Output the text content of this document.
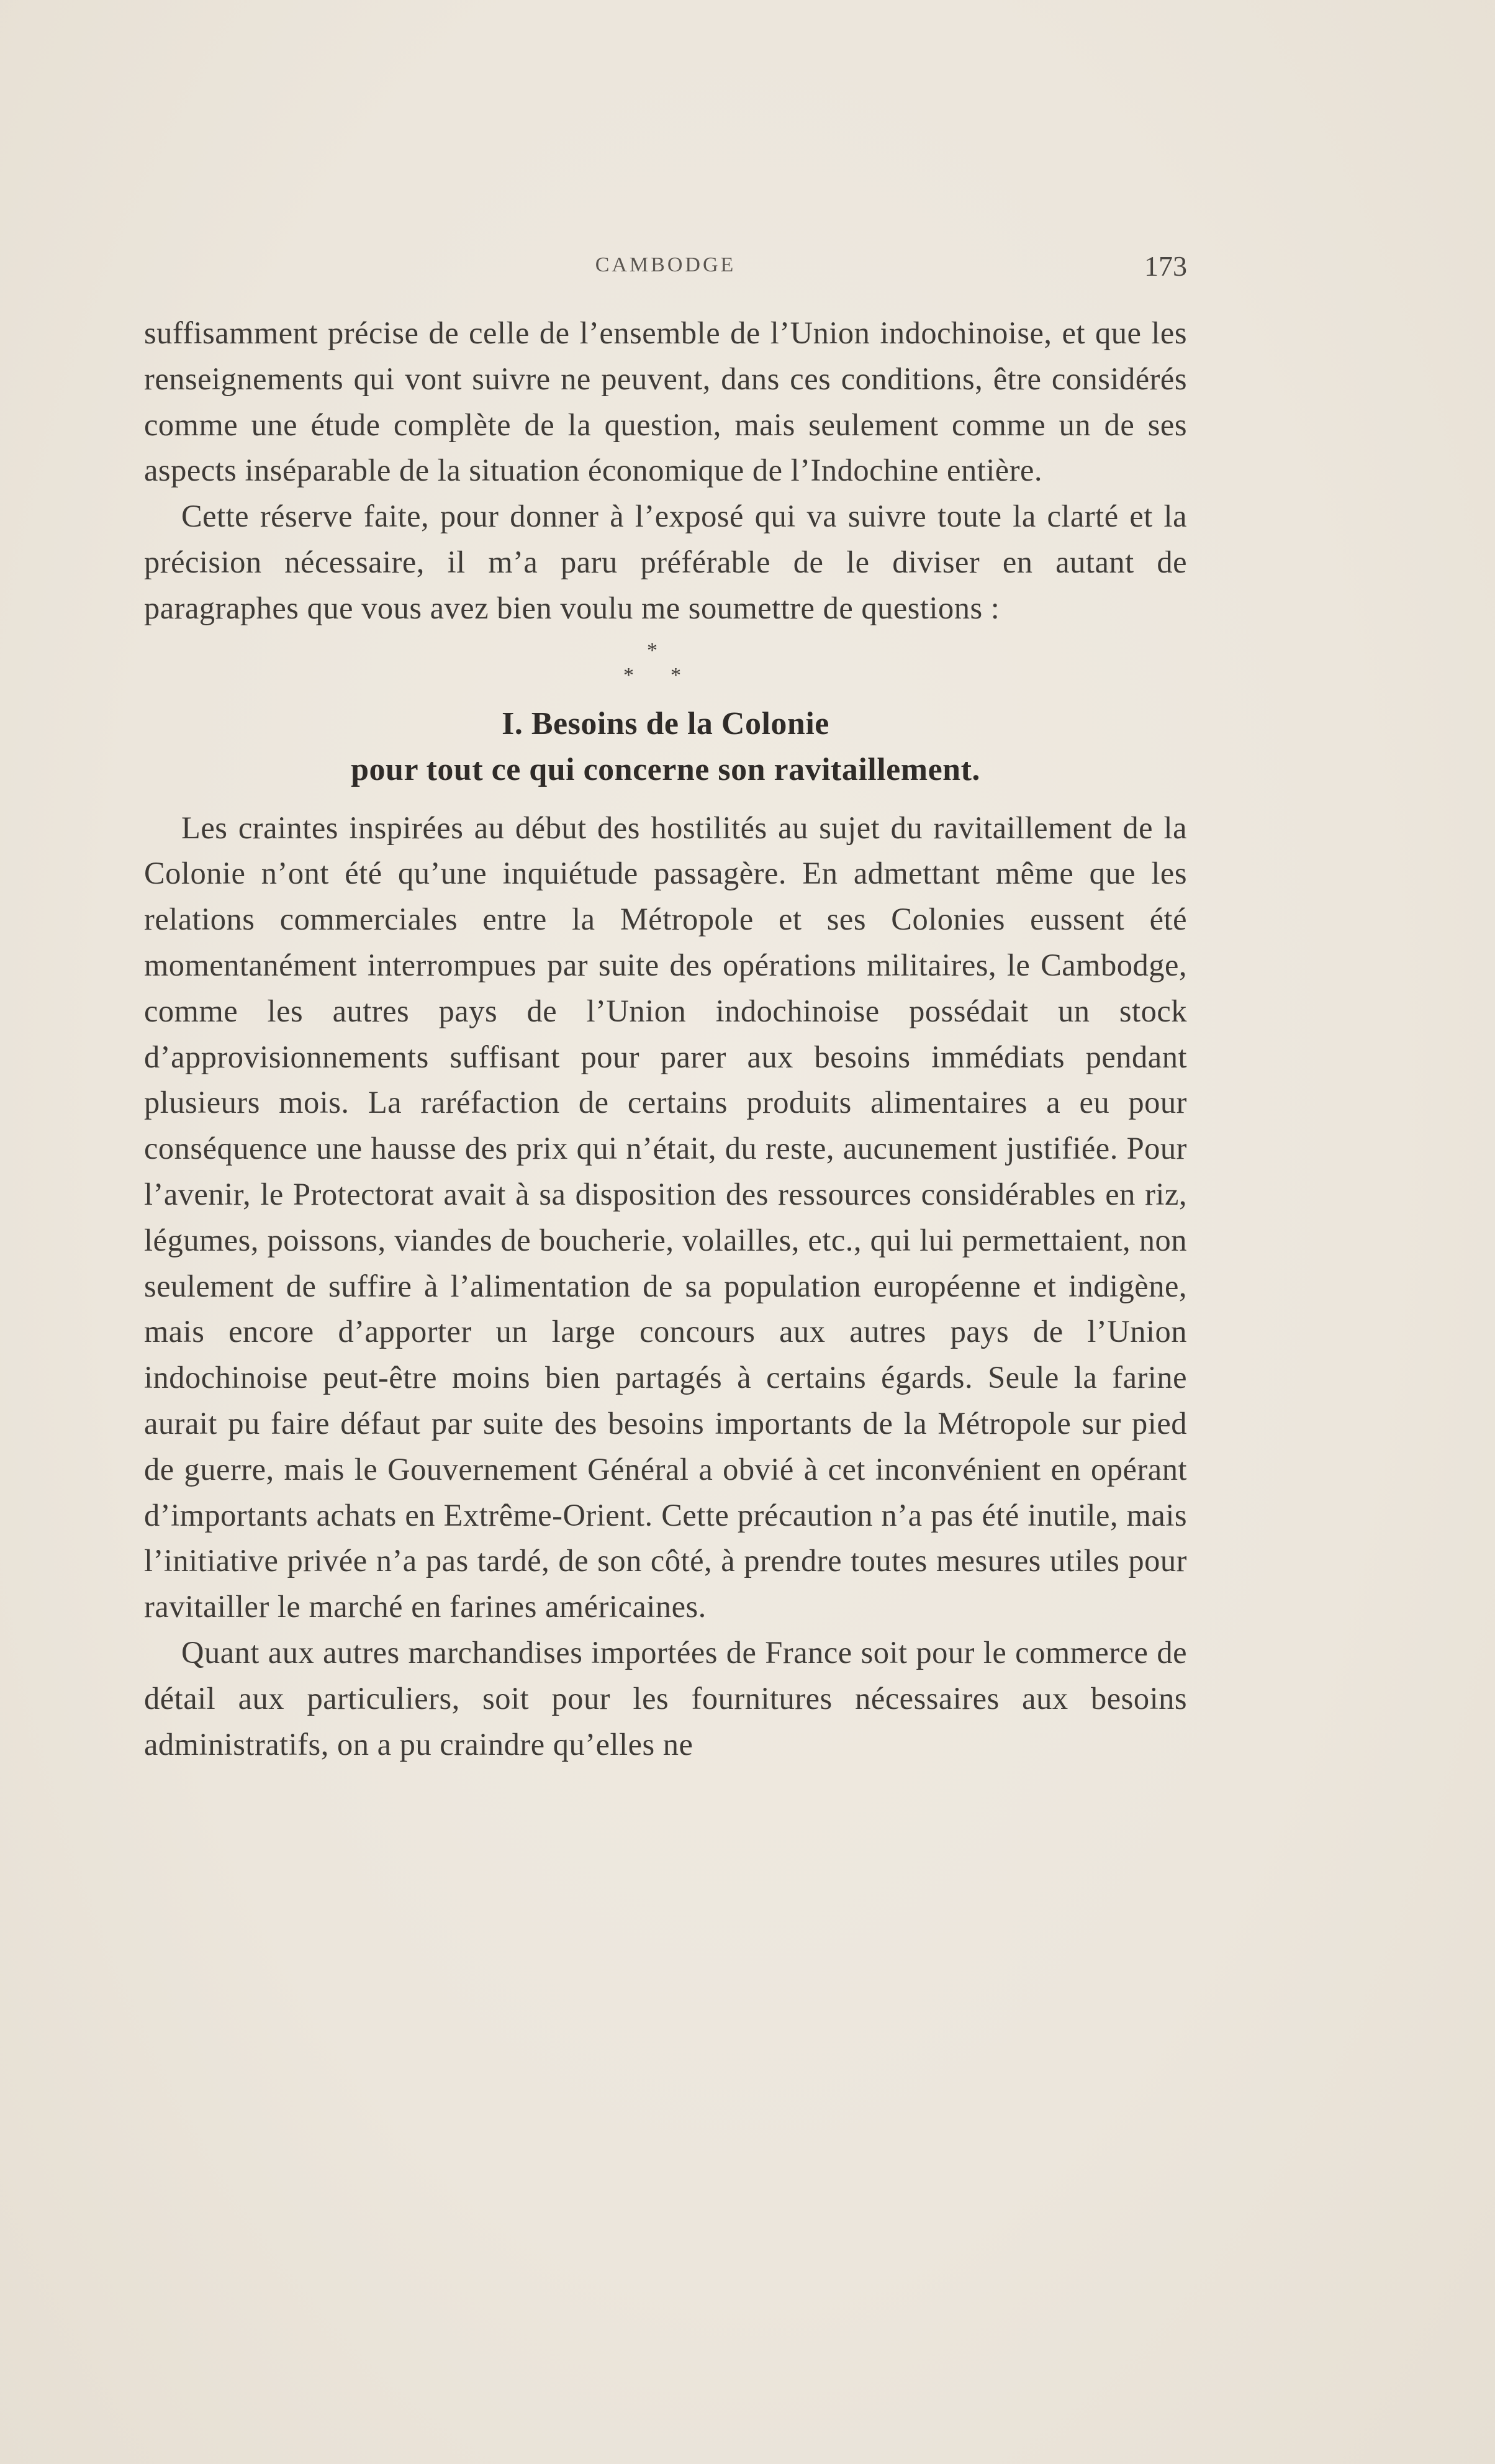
CAMBODGE	173

suffisamment précise de celle de l’ensemble de l’Union indochinoise, et que les renseignements qui vont suivre ne peuvent, dans ces conditions, être considérés comme une étude complète de la question, mais seulement comme un de ses aspects inséparable de la situation économique de l’Indochine entière.

Cette réserve faite, pour donner à l’exposé qui va suivre toute la clarté et la précision nécessaire, il m’a paru préférable de le diviser en autant de paragraphes que vous avez bien voulu me soumettre de questions :

*
* *
I. Besoins de la Colonie
pour tout ce qui concerne son ravitaillement.

Les craintes inspirées au début des hostilités au sujet du ravitaillement de la Colonie n’ont été qu’une inquiétude passagère. En admettant même que les relations commerciales entre la Métropole et ses Colonies eussent été momentanément interrompues par suite des opérations militaires, le Cambodge, comme les autres pays de l’Union indochinoise possédait un stock d’approvisionnements suffisant pour parer aux besoins immédiats pendant plusieurs mois. La raréfaction de certains produits alimentaires a eu pour conséquence une hausse des prix qui n’était, du reste, aucunement justifiée. Pour l’avenir, le Protectorat avait à sa disposition des ressources considérables en riz, légumes, poissons, viandes de boucherie, volailles, etc., qui lui permettaient, non seulement de suffire à l’alimentation de sa population européenne et indigène, mais encore d’apporter un large concours aux autres pays de l’Union indochinoise peut-être moins bien partagés à certains égards. Seule la farine aurait pu faire défaut par suite des besoins importants de la Métropole sur pied de guerre, mais le Gouvernement Général a obvié à cet inconvénient en opérant d’importants achats en Extrême-Orient. Cette précaution n’a pas été inutile, mais l’initiative privée n’a pas tardé, de son côté, à prendre toutes mesures utiles pour ravitailler le marché en farines américaines.

Quant aux autres marchandises importées de France soit pour le commerce de détail aux particuliers, soit pour les fournitures nécessaires aux besoins administratifs, on a pu craindre qu’elles ne
